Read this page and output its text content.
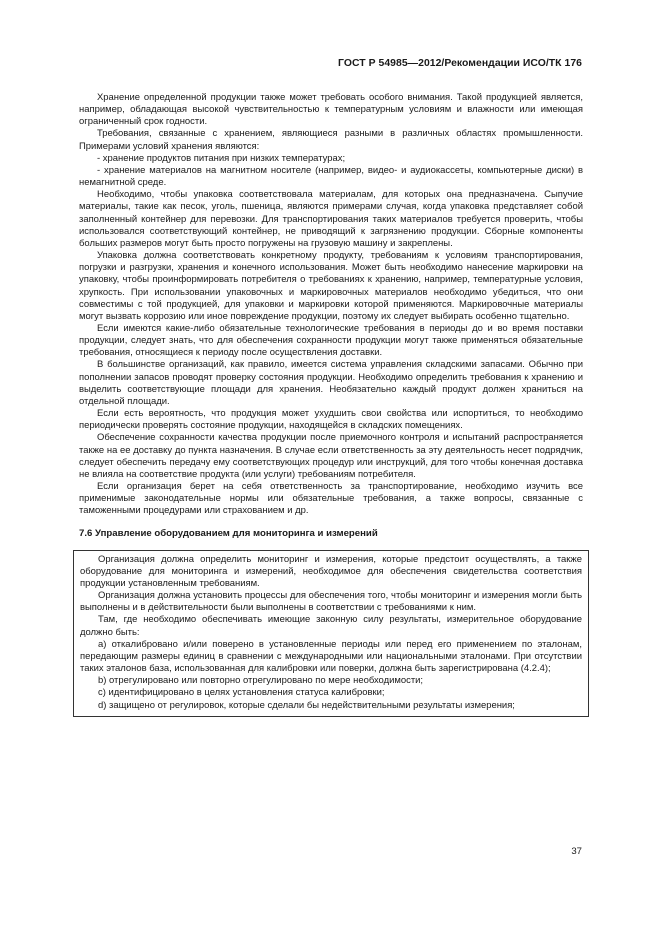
ГОСТ Р 54985—2012/Рекомендации ИСО/ТК 176

Хранение определенной продукции также может требовать особого внимания. Такой продукцией является, например, обладающая высокой чувствительностью к температурным условиям и влажности или имеющая ограниченный срок годности.

Требования, связанные с хранением, являющиеся разными в различных областях промышленности. Примерами условий хранения являются:

- хранение продуктов питания при низких температурах;

- хранение материалов на магнитном носителе (например, видео- и аудиокассеты, компьютерные диски) в немагнитной среде.

Необходимо, чтобы упаковка соответствовала материалам, для которых она предназначена. Сыпучие материалы, такие как песок, уголь, пшеница, являются примерами случая, когда упаковка представляет собой заполненный контейнер для перевозки. Для транспортирования таких материалов требуется проверить, чтобы использовался соответствующий контейнер, не приводящий к загрязнению продукции. Сборные компоненты больших размеров могут быть просто погружены на грузовую машину и закреплены.

Упаковка должна соответствовать конкретному продукту, требованиям к условиям транспортирования, погрузки и разгрузки, хранения и конечного использования. Может быть необходимо нанесение маркировки на упаковку, чтобы проинформировать потребителя о требованиях к хранению, например, температурные условия, хрупкость. При использовании упаковочных и маркировочных материалов необходимо убедиться, что они совместимы с той продукцией, для упаковки и маркировки которой применяются. Маркировочные материалы могут вызвать коррозию или иное повреждение продукции, поэтому их следует выбирать особенно тщательно.

Если имеются какие-либо обязательные технологические требования в периоды до и во время поставки продукции, следует знать, что для обеспечения сохранности продукции могут также применяться обязательные требования, относящиеся к периоду после осуществления доставки.

В большинстве организаций, как правило, имеется система управления складскими запасами. Обычно при пополнении запасов проводят проверку состояния продукции. Необходимо определить требования к хранению и выделить соответствующие площади для хранения. Необязательно каждый продукт должен храниться на отдельной площади.

Если есть вероятность, что продукция может ухудшить свои свойства или испортиться, то необходимо периодически проверять состояние продукции, находящейся в складских помещениях.

Обеспечение сохранности качества продукции после приемочного контроля и испытаний распространяется также на ее доставку до пункта назначения. В случае если ответственность за эту деятельность несет подрядчик, следует обеспечить передачу ему соответствующих процедур или инструкций, для того чтобы конечная доставка не влияла на соответствие продукта (или услуги) требованиям потребителя.

Если организация берет на себя ответственность за транспортирование, необходимо изучить все применимые законодательные нормы или обязательные требования, а также вопросы, связанные с таможенными процедурами или страхованием и др.

7.6 Управление оборудованием для мониторинга и измерений

Организация должна определить мониторинг и измерения, которые предстоит осуществлять, а также оборудование для мониторинга и измерений, необходимое для обеспечения свидетельства соответствия продукции установленным требованиям.

Организация должна установить процессы для обеспечения того, чтобы мониторинг и измерения могли быть выполнены и в действительности были выполнены в соответствии с требованиями к ним.

Там, где необходимо обеспечивать имеющие законную силу результаты, измерительное оборудование должно быть:

a) откалибровано и/или поверено в установленные периоды или перед его применением по эталонам, передающим размеры единиц в сравнении с международными или национальными эталонами. При отсутствии таких эталонов база, использованная для калибровки или поверки, должна быть зарегистрирована (4.2.4);

b) отрегулировано или повторно отрегулировано по мере необходимости;

c) идентифицировано в целях установления статуса калибровки;

d) защищено от регулировок, которые сделали бы недействительными результаты измерения;

37
